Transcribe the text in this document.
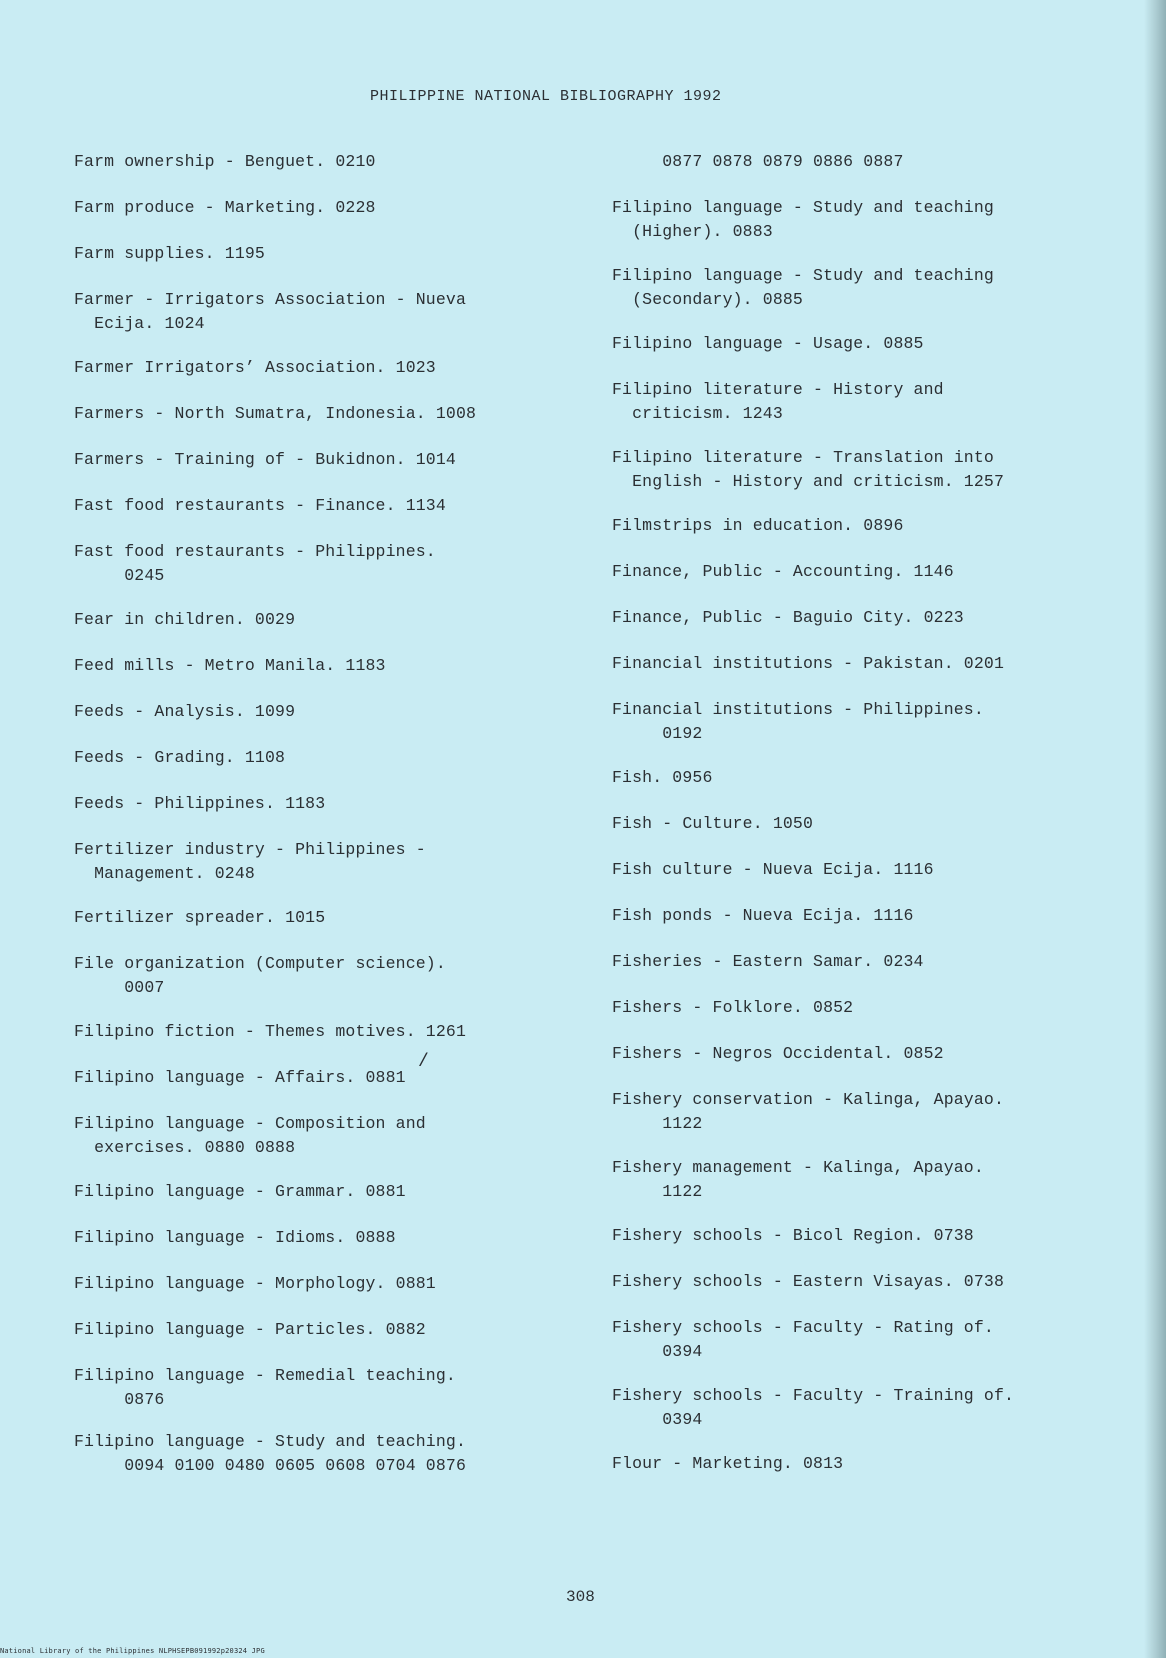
PHILIPPINE NATIONAL BIBLIOGRAPHY 1992
Farm ownership - Benguet. 0210
Farm produce - Marketing. 0228
Farm supplies. 1195
Farmer - Irrigators Association - Nueva
Ecija. 1024
Farmer Irrigators’ Association. 1023
Farmers - North Sumatra, Indonesia. 1008
Farmers - Training of - Bukidnon. 1014
Fast food restaurants - Finance. 1134
Fast food restaurants - Philippines.
0245
Fear in children. 0029
Feed mills - Metro Manila. 1183
Feeds - Analysis. 1099
Feeds - Grading. 1108
Feeds - Philippines. 1183
Fertilizer industry - Philippines -
Management. 0248
Fertilizer spreader. 1015
File organization (Computer science).
0007
Filipino fiction - Themes motives. 1261
Filipino language - Affairs. 0881
Filipino language - Composition and
exercises. 0880 0888
Filipino language - Grammar. 0881
Filipino language - Idioms. 0888
Filipino language - Morphology. 0881
Filipino language - Particles. 0882
Filipino language - Remedial teaching.
0876
Filipino language - Study and teaching.
0094 0100 0480 0605 0608 0704 0876
0877 0878 0879 0886 0887
Filipino language - Study and teaching
(Higher). 0883
Filipino language - Study and teaching
(Secondary). 0885
Filipino language - Usage. 0885
Filipino literature - History and
criticism. 1243
Filipino literature - Translation into
English - History and criticism. 1257
Filmstrips in education. 0896
Finance, Public - Accounting. 1146
Finance, Public - Baguio City. 0223
Financial institutions - Pakistan. 0201
Financial institutions - Philippines.
0192
Fish. 0956
Fish - Culture. 1050
Fish culture - Nueva Ecija. 1116
Fish ponds - Nueva Ecija. 1116
Fisheries - Eastern Samar. 0234
Fishers - Folklore. 0852
Fishers - Negros Occidental. 0852
Fishery conservation - Kalinga, Apayao.
1122
Fishery management - Kalinga, Apayao.
1122
Fishery schools - Bicol Region. 0738
Fishery schools - Eastern Visayas. 0738
Fishery schools - Faculty - Rating of.
0394
Fishery schools - Faculty - Training of.
0394
Flour - Marketing. 0813
/
308
National Library of the Philippines NLPHSEPB091992p20324 JPG
